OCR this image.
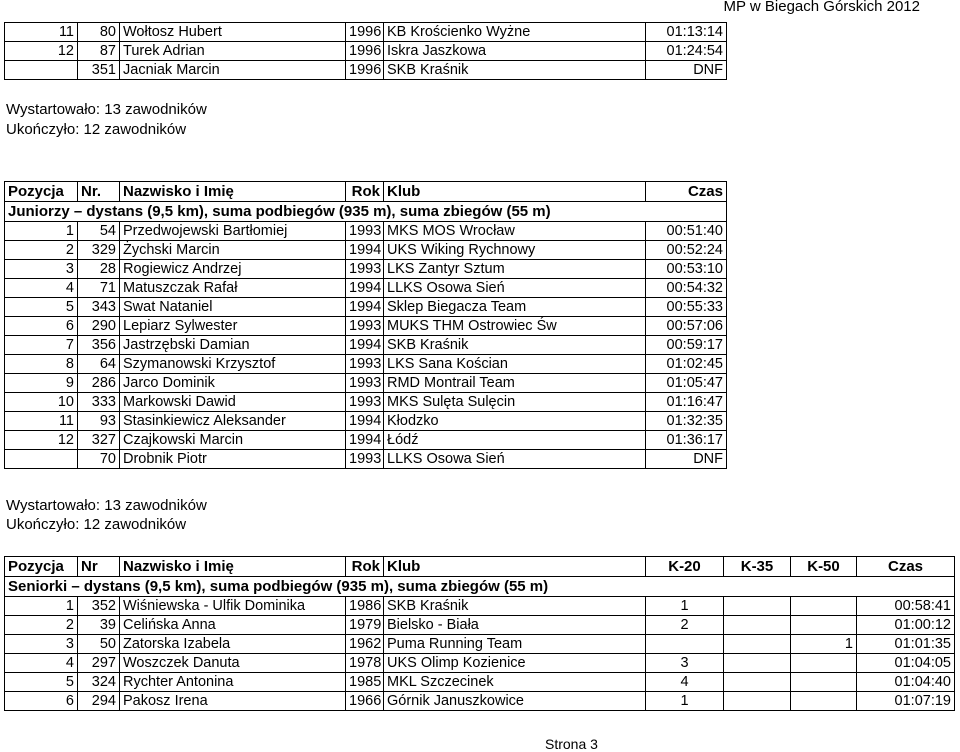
MP w Biegach Górskich 2012
11	80	Wołtosz Hubert	1996	KB Krościenko Wyżne	01:13:14
12	87	Turek Adrian	1996	Iskra Jaszkowa	01:24:54
	351	Jacniak Marcin	1996	SKB Kraśnik	DNF
Wystartowało: 13 zawodników
Ukończyło: 12 zawodników
Pozycja	Nr.	Nazwisko i Imię	Rok	Klub	Czas
Juniorzy – dystans (9,5 km), suma podbiegów (935 m), suma zbiegów (55 m)					
1	54	Przedwojewski Bartłomiej	1993	MKS MOS Wrocław	00:51:40
2	329	Żychski Marcin	1994	UKS Wiking Rychnowy	00:52:24
3	28	Rogiewicz Andrzej	1993	LKS Zantyr Sztum	00:53:10
4	71	Matuszczak Rafał	1994	LLKS Osowa Sień	00:54:32
5	343	Swat Nataniel	1994	Sklep Biegacza Team	00:55:33
6	290	Lepiarz Sylwester	1993	MUKS THM Ostrowiec Św	00:57:06
7	356	Jastrzębski Damian	1994	SKB Kraśnik	00:59:17
8	64	Szymanowski Krzysztof	1993	LKS Sana Kościan	01:02:45
9	286	Jarco Dominik	1993	RMD Montrail Team	01:05:47
10	333	Markowski Dawid	1993	MKS Sulęta Sulęcin	01:16:47
11	93	Stasinkiewicz Aleksander	1994	Kłodzko	01:32:35
12	327	Czajkowski Marcin	1994	Łódź	01:36:17
	70	Drobnik Piotr	1993	LLKS Osowa Sień	DNF
Wystartowało: 13 zawodników
Ukończyło: 12 zawodników
Pozycja	Nr	Nazwisko i Imię	Rok	Klub	K-20	K-35	K-50	Czas
Seniorki – dystans (9,5 km), suma podbiegów (935 m), suma zbiegów (55 m)								
1	352	Wiśniewska - Ulfik Dominika	1986	SKB Kraśnik	1			00:58:41
2	39	Celińska Anna	1979	Bielsko - Biała	2			01:00:12
3	50	Zatorska Izabela	1962	Puma Running Team			1	01:01:35
4	297	Woszczek Danuta	1978	UKS Olimp Kozienice	3			01:04:05
5	324	Rychter Antonina	1985	MKL Szczecinek	4			01:04:40
6	294	Pakosz Irena	1966	Górnik Januszkowice	1			01:07:19
Strona 3
